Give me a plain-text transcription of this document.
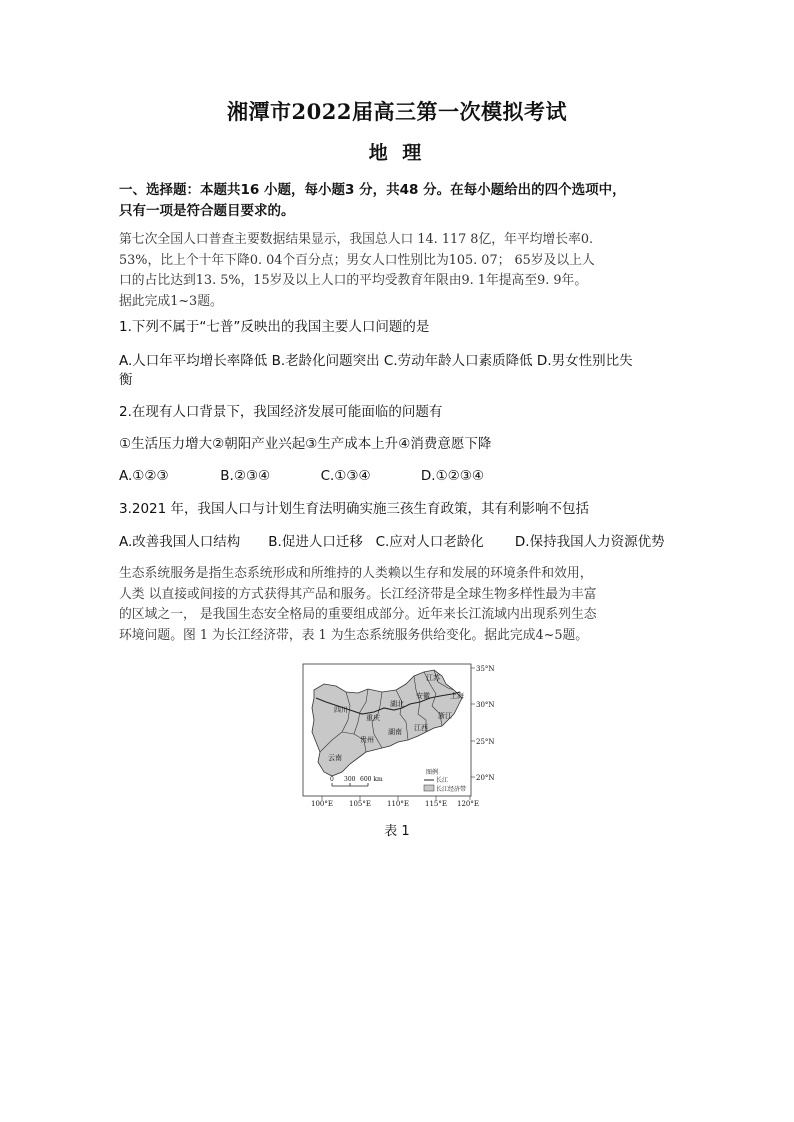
湘潭市2022届高三第一次模拟考试
地 理
一、选择题：本题共16 小题，每小题3 分，共48 分。在每小题给出的四个选项中，
只有一项是符合题目要求的。
第七次全国人口普查主要数据结果显示，我国总人口 14. 117 8亿，年平均增长率0.
53%，比上个十年下降0. 04个百分点；男女人口性别比为105. 07； 65岁及以上人
口的占比达到13. 5%，15岁及以上人口的平均受教育年限由9. 1年提高至9. 9年。
据此完成1~3题。
1.下列不属于“七普”反映出的我国主要人口问题的是
A.人口年平均增长率降低 B.老龄化问题突出 C.劳动年龄人口素质降低 D.男女性别比失
衡
2.在现有人口背景下，我国经济发展可能面临的问题有
①生活压力增大②朝阳产业兴起③生产成本上升④消费意愿下降
A.①②③	B.②③④	C.①③④	D.①②③④
3.2021 年，我国人口与计划生育法明确实施三孩生育政策，其有利影响不包括
A.改善我国人口结构 B.促进人口迁移 C.应对人口老龄化 D.保持我国人力资源优势
生态系统服务是指生态系统形成和所维持的人类赖以生存和发展的环境条件和效用，
人类 以直接或间接的方式获得其产品和服务。长江经济带是全球生物多样性最为丰富
的区域之一， 是我国生态安全格局的重要组成部分。近年来长江流域内出现系列生态
环境问题。图 1 为长江经济带，表 1 为生态系统服务供给变化。据此完成4~5题。
四川
云南
贵州
重庆
湖北
湖南 江西
安徽
江苏
浙江
上海
35°N
30°N
25°N
20°N
100°E 105°E 110°E 115°E 120°E
0 300 600 km
图例
长江
长江经济带
表 1
